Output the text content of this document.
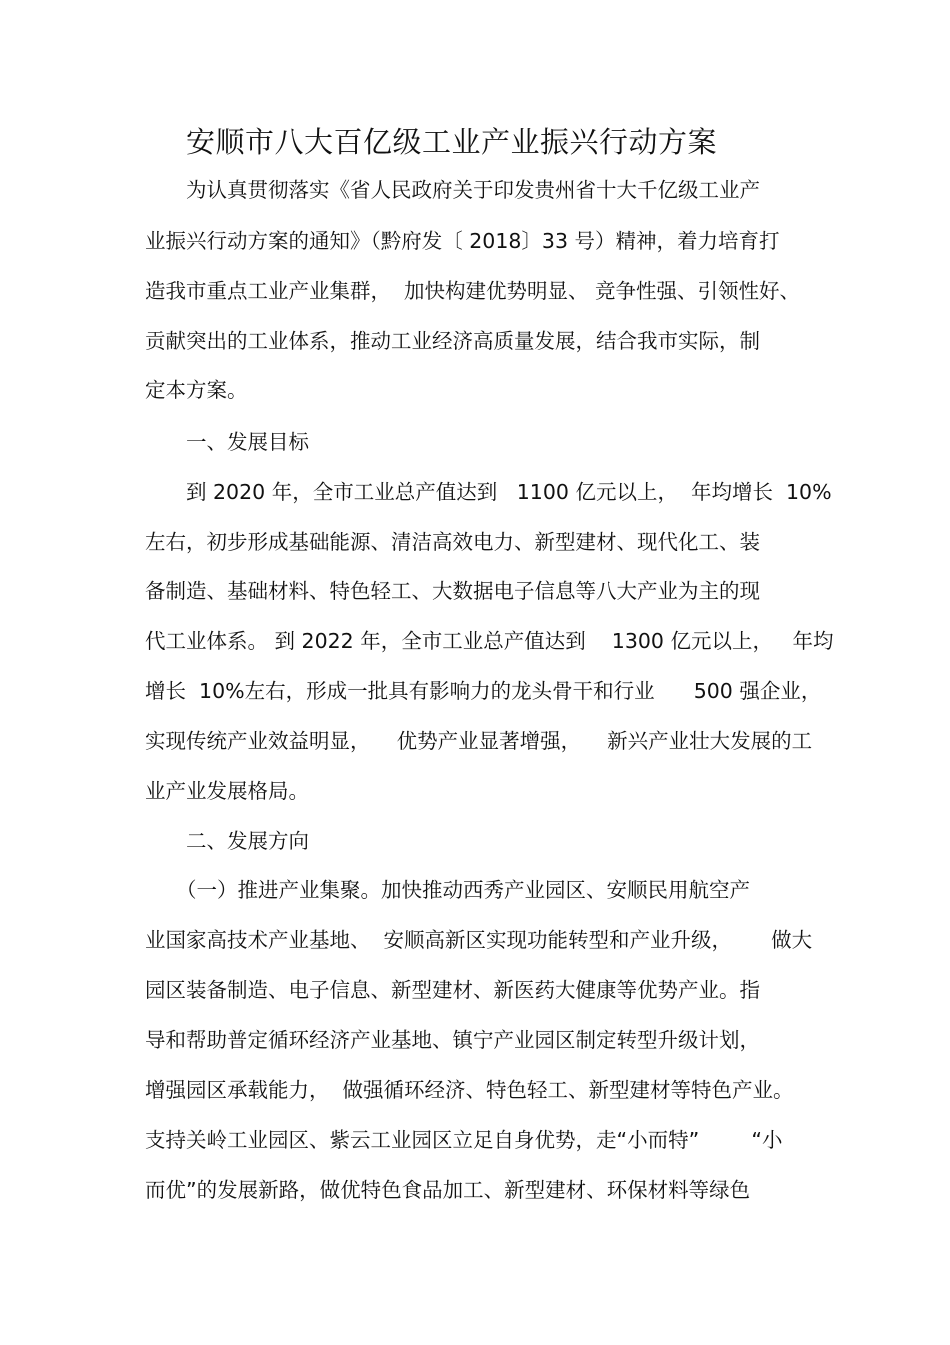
安顺市八大百亿级工业产业振兴行动方案
为认真贯彻落实《省人民政府关于印发贵州省十大千亿级工业产
业振兴行动方案的通知》（黔府发〔 2018〕33 号）精神，着力培育打
造我市重点工业产业集群，  加快构建优势明显、 竞争性强、引领性好、
贡献突出的工业体系，推动工业经济高质量发展，结合我市实际，制
定本方案。
一、发展目标
到 2020 年，全市工业总产值达到   1100 亿元以上，  年均增长  10%
左右，初步形成基础能源、清洁高效电力、新型建材、现代化工、装
备制造、基础材料、特色轻工、大数据电子信息等八大产业为主的现
代工业体系。 到 2022 年，全市工业总产值达到    1300 亿元以上，   年均
增长  10%左右，形成一批具有影响力的龙头骨干和行业      500 强企业，
实现传统产业效益明显，    优势产业显著增强，    新兴产业壮大发展的工
业产业发展格局。
二、发展方向
（一）推进产业集聚。加快推动西秀产业园区、安顺民用航空产
业国家高技术产业基地、  安顺高新区实现功能转型和产业升级，      做大
园区装备制造、电子信息、新型建材、新医药大健康等优势产业。指
导和帮助普定循环经济产业基地、镇宁产业园区制定转型升级计划，
增强园区承载能力，  做强循环经济、特色轻工、新型建材等特色产业。
支持关岭工业园区、紫云工业园区立足自身优势，走“小而特”        “小
而优”的发展新路，做优特色食品加工、新型建材、环保材料等绿色
